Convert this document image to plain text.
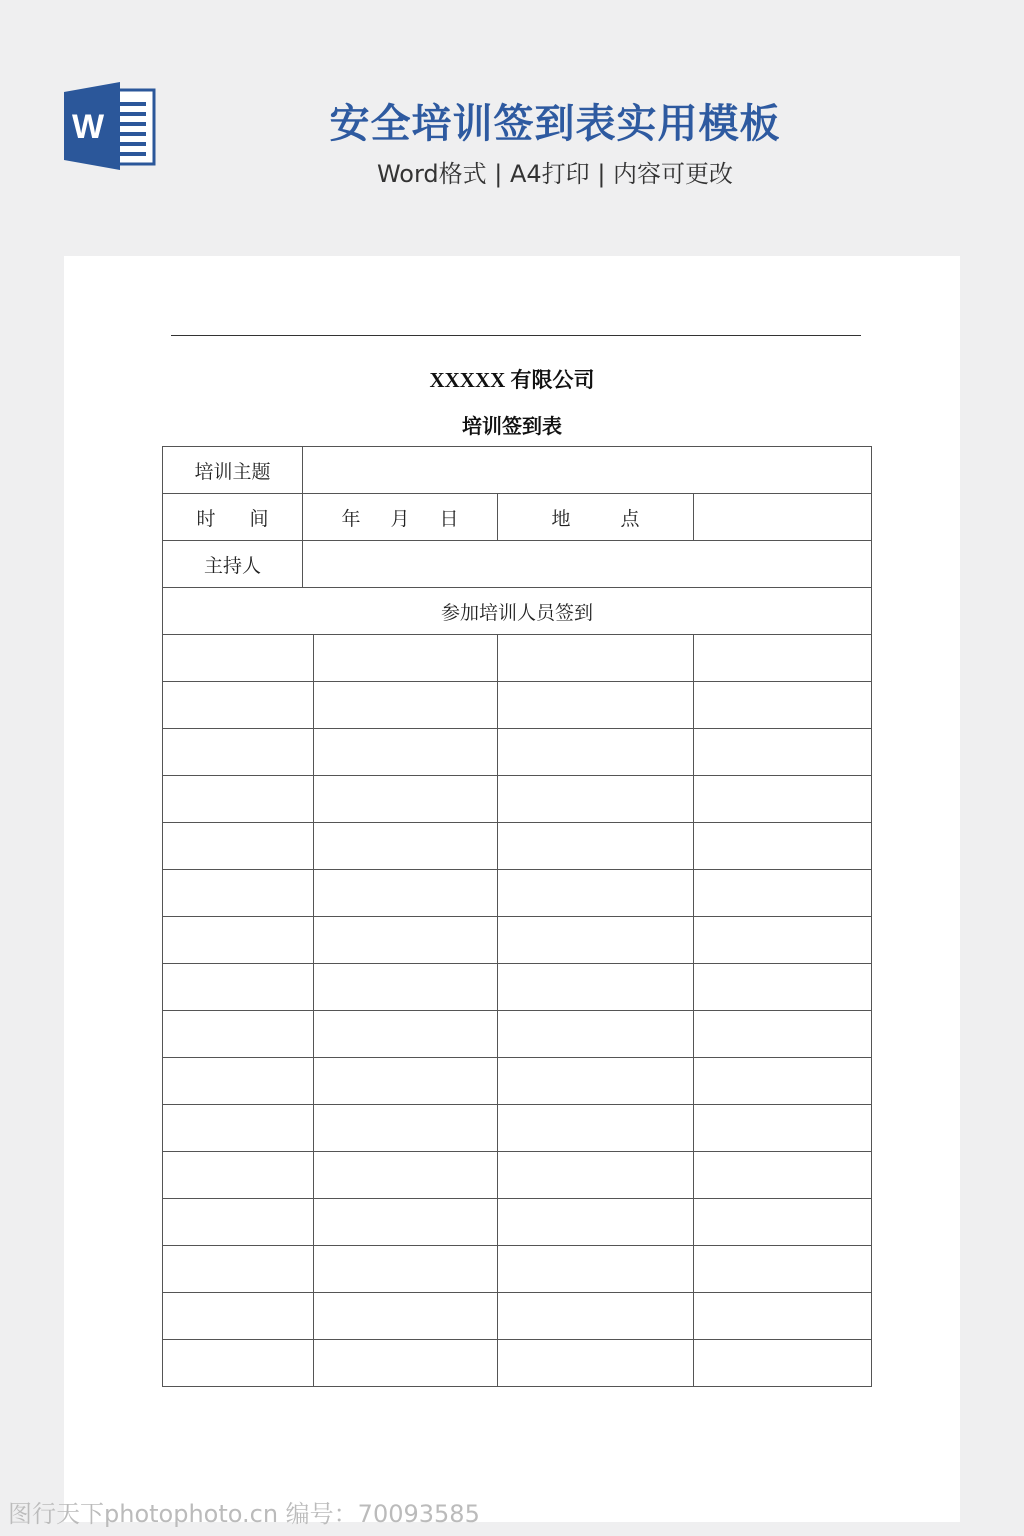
W	安全培训签到表实用模板
Word格式 | A4打印 | 内容可更改
XXXXX 有限公司
培训签到表
培训主题				
时 间	年 月 日		地 点	
主持人				
参加培训人员签到				

图行天下photophoto.cn 编号：70093585
